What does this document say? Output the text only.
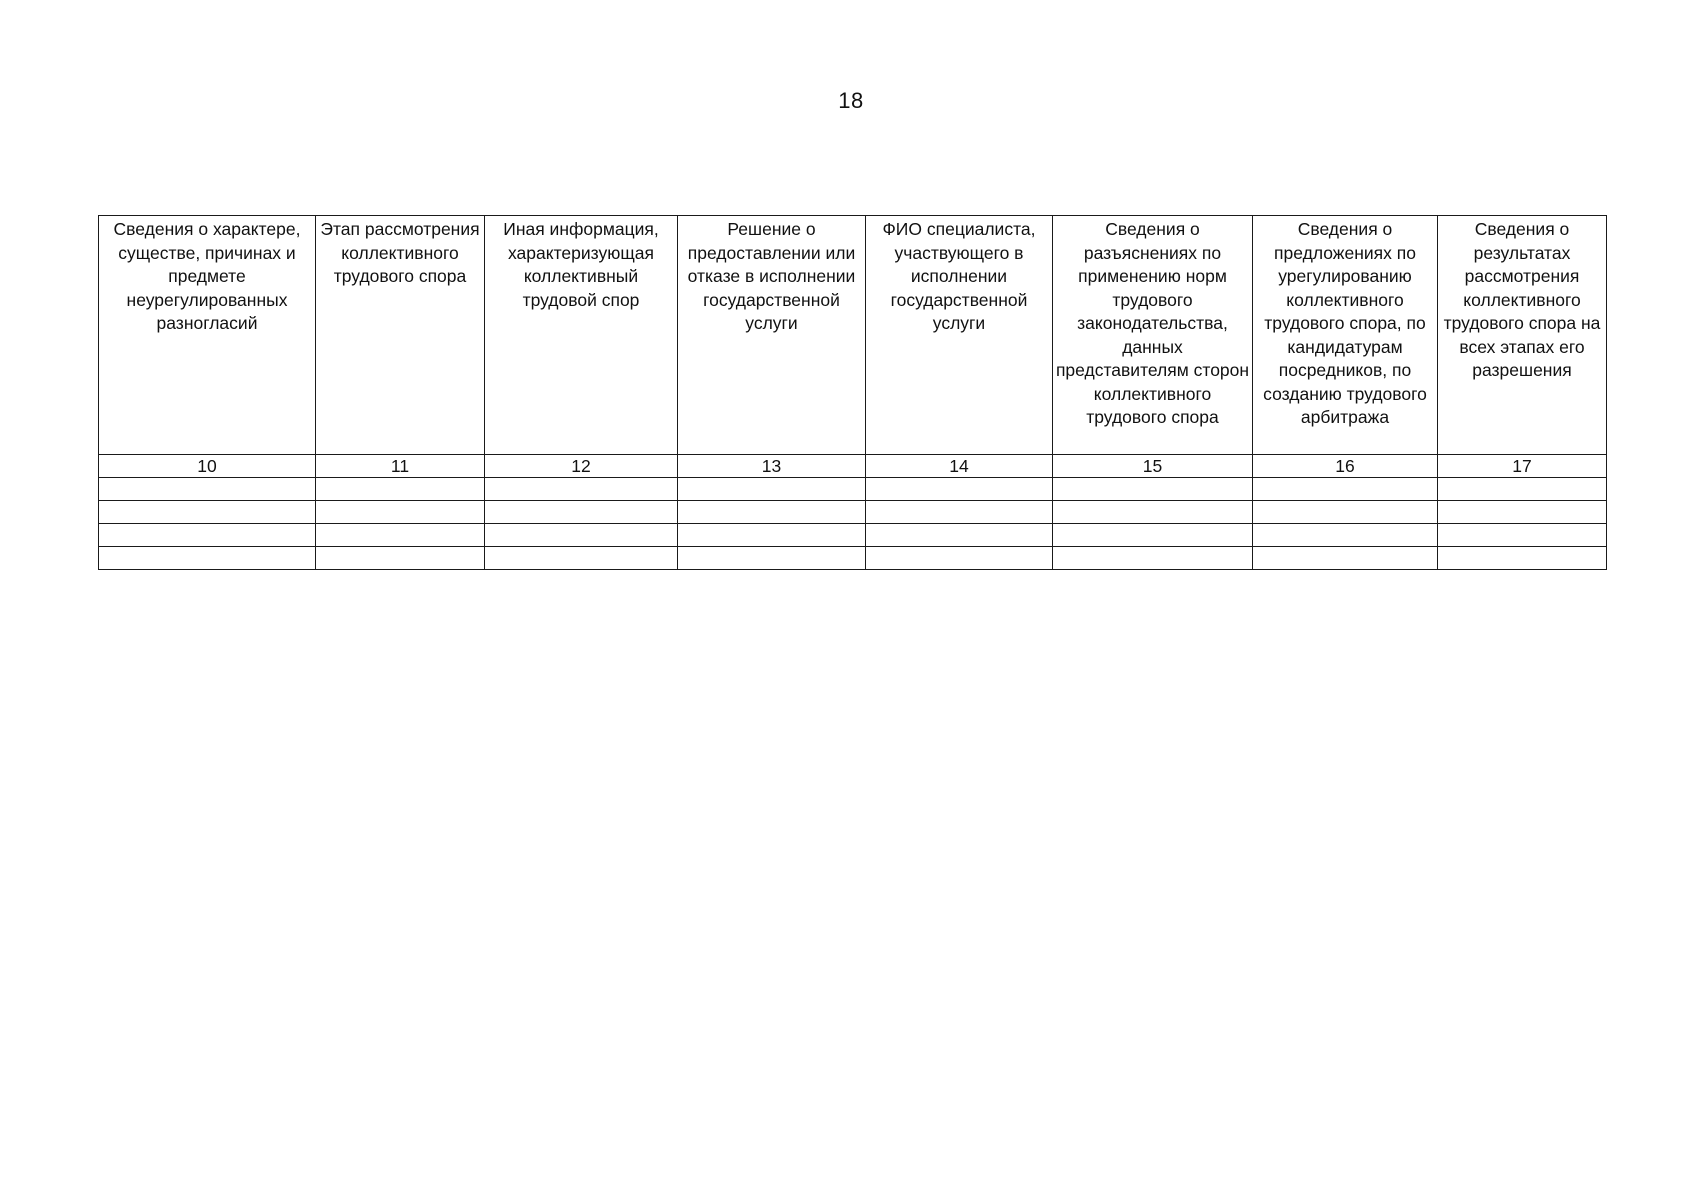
18
Сведения о характере, существе, причинах и предмете неурегулированных разногласий	Этап рассмотрения коллективного трудового спора	Иная информация, характеризующая коллективный трудовой спор	Решение о предоставлении или отказе в исполнении государственной услуги	ФИО специалиста, участвующего в исполнении государственной услуги	Сведения о разъяснениях по применению норм трудового законодательства, данных представителям сторон коллективного трудового спора	Сведения о предложениях по урегулированию коллективного трудового спора, по кандидатурам посредников, по созданию трудового арбитража	Сведения о результатах рассмотрения коллективного трудового спора на всех этапах его разрешения
10	11	12	13	14	15	16	17
